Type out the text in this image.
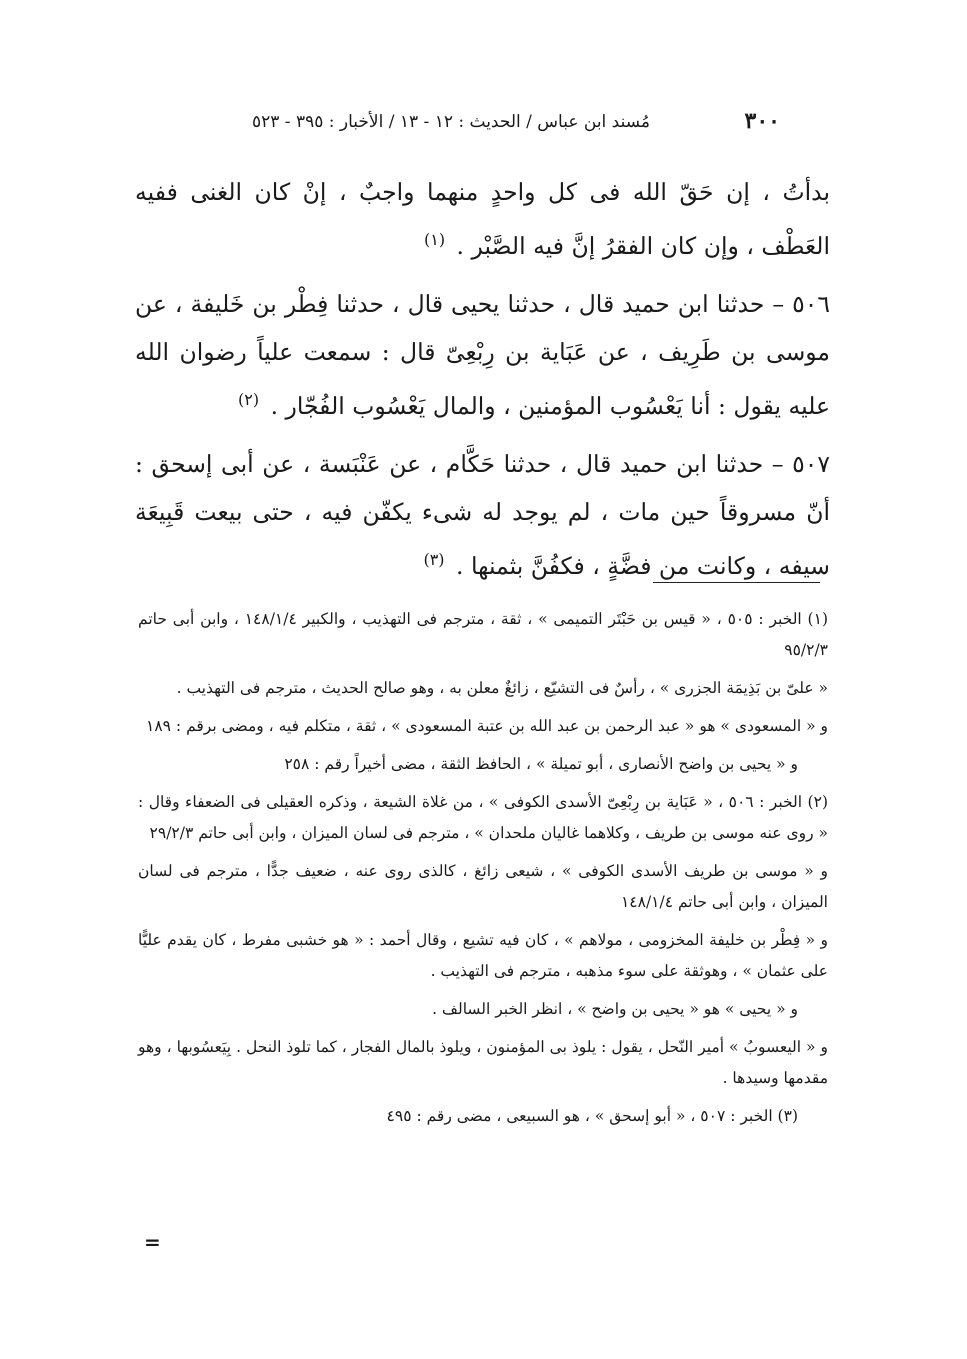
٣٠٠
مُسند ابن عباس / الحديث : ١٢ - ١٣ / الأخبار : ٣٩٥ - ٥٢٣

بدأتُ ، إن حَقّ الله فى كل واحدٍ منهما واجبٌ ، إنْ كان الغنى ففيه العَطْف ، وإن كان الفقرُ إنَّ فيه الصَّبْر . $^{(١)}$

٥٠٦ – حدثنا ابن حميد قال ، حدثنا يحيى قال ، حدثنا فِطْر بن خَليفة ، عن موسى بن طَرِيف ، عن عَبَاية بن رِبْعِىّ قال : سمعت علياً رضوان الله عليه يقول : أنا يَعْسُوب المؤمنين ، والمال يَعْسُوب الفُجّار . $^{(٢)}$

٥٠٧ – حدثنا ابن حميد قال ، حدثنا حَكَّام ، عن عَنْبَسة ، عن أبى إسحق : أنّ مسروقاً حين مات ، لم يوجد له شىء يكفّن فيه ، حتى بيعت قَبِيعَة سيفه ، وكانت من فضَّةٍ ، فكفُنَّ بثمنها . $^{(٣)}$

(١) الخبر : ٥٠٥ ، « قيس بن حَبْتَر التميمى » ، ثقة ، مترجم فى التهذيب ، والكبير ١٤٨/١/٤ ، وابن أبى حاتم ٩٥/٢/٣

« علىّ بن بَذِيمَة الجزرى » ، رأسٌ فى التشيّع ، زائغٌ معلن به ، وهو صالح الحديث ، مترجم فى التهذيب .

و « المسعودى » هو « عبد الرحمن بن عبد الله بن عتبة المسعودى » ، ثقة ، متكلم فيه ، ومضى برقم : ١٨٩

و « يحيى بن واضح الأنصارى ، أبو تميلة » ، الحافظ الثقة ، مضى أخيراً رقم : ٢٥٨

(٢) الخبر : ٥٠٦ ، « عَبَاية بن رِبْعِىّ الأسدى الكوفى » ، من غلاة الشيعة ، وذكره العقيلى فى الضعفاء وقال : « روى عنه موسى بن طريف ، وكلاهما غاليان ملحدان » ، مترجم فى لسان الميزان ، وابن أبى حاتم ٢٩/٢/٣

و « موسى بن طريف الأسدى الكوفى » ، شيعى زائغ ، كالذى روى عنه ، ضعيف جدًّا ، مترجم فى لسان الميزان ، وابن أبى حاتم ١٤٨/١/٤

و « فِطْر بن خليفة المخزومى ، مولاهم » ، كان فيه تشيع ، وقال أحمد : « هو خشبى مفرط ، كان يقدم عليًّا على عثمان » ، وهوثقة على سوء مذهبه ، مترجم فى التهذيب .

و « يحيى » هو « يحيى بن واضح » ، انظر الخبر السالف .

و « اليعسوبُ » أمير النّحل ، يقول : يلوذ بى المؤمنون ، ويلوذ بالمال الفجار ، كما تلوذ النحل . بِيَعسُوبها ، وهو مقدمها وسيدها .

(٣) الخبر : ٥٠٧ ، « أبو إسحق » ، هو السبيعى ، مضى رقم : ٤٩٥

=
